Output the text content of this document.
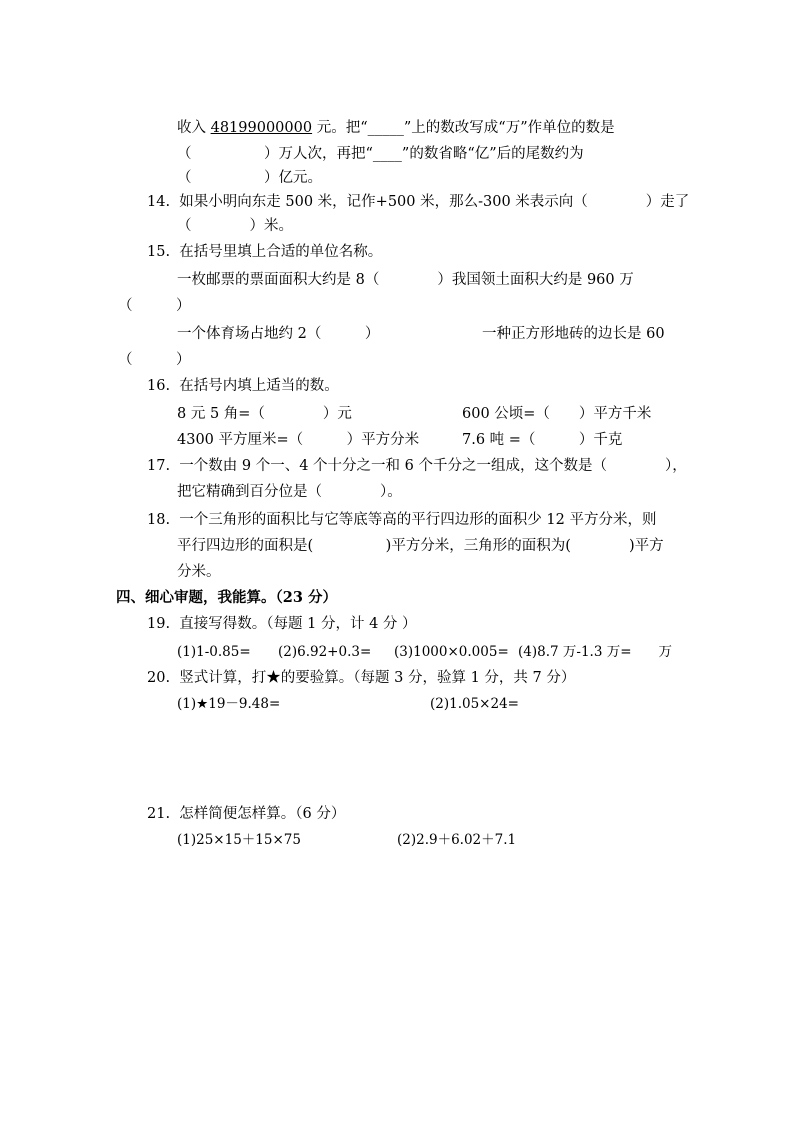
收入 48199000000 元。把“_____”上的数改写成“万”作单位的数是
（　　　　　）万人次，再把“____”的数省略“亿”后的尾数约为
（　　　　　）亿元。
14.  如果小明向东走 500 米，记作+500 米，那么-300 米表示向（　　　　）走了
（　　　　）米。
15.  在括号里填上合适的单位名称。
一枚邮票的票面面积大约是 8（　　　　）我国领土面积大约是 960 万
（　　　）
一个体育场占地约 2（　　　）	一种正方形地砖的边长是 60
（　　　）
16.  在括号内填上适当的数。
8 元 5 角=（　　　　）元	600 公顷=（　　）平方千米
4300 平方厘米=（　　　）平方分米	7.6 吨 =（　　　）千克
17.  一个数由 9 个一、4 个十分之一和 6 个千分之一组成，这个数是（　　　　），
把它精确到百分位是（　　　　）。
18.  一个三角形的面积比与它等底等高的平行四边形的面积少 12 平方分米，则
平行四边形的面积是(　　　　　)平方分米，三角形的面积为(　　　　)平方
分米。
四、细心审题，我能算。（23 分）
19.  直接写得数。（每题 1 分，计 4 分 ）
(1)1-0.85= (2)6.92+0.3= (3)1000×0.005= (4)8.7 万-1.3 万=　　万
20.  竖式计算，打★的要验算。（每题 3 分，验算 1 分，共 7 分）
(1)★19－9.48=	(2)1.05×24=
21.  怎样简便怎样算。（6 分）
(1)25×15＋15×75	(2)2.9＋6.02＋7.1
